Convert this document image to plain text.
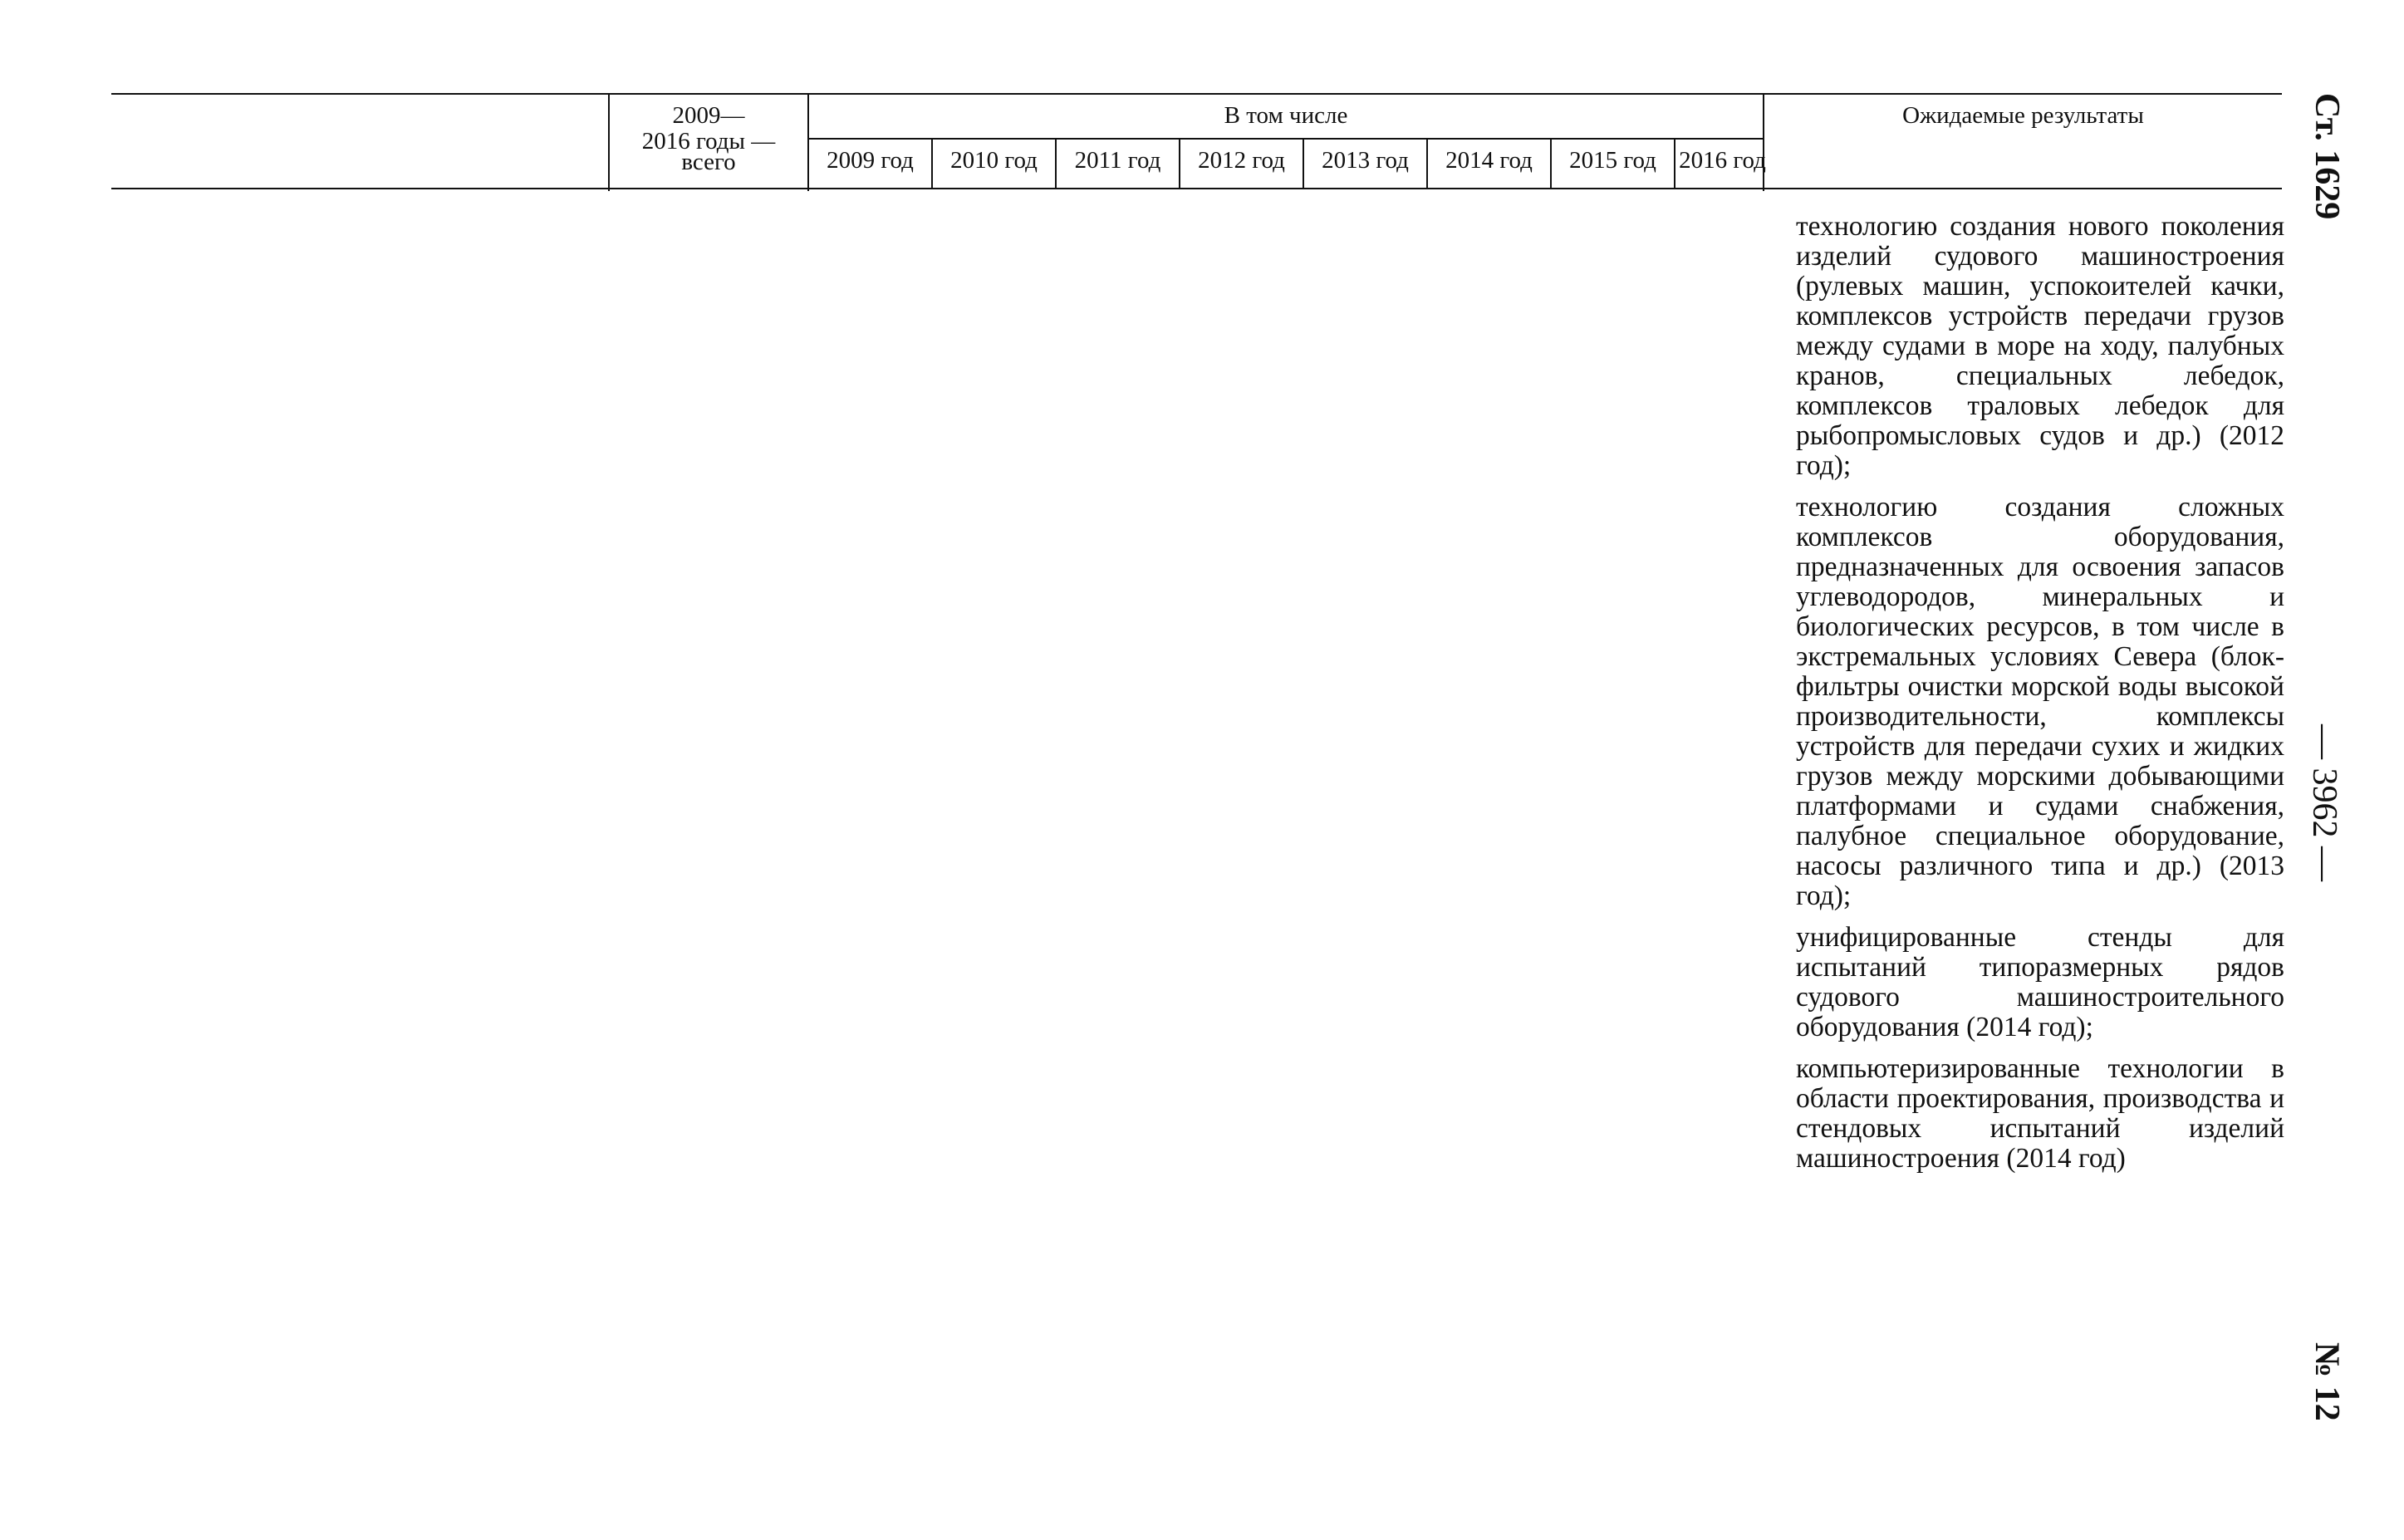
2009—
2016 годы —
всего
В том числе
2009 год	2010 год	2011 год	2012 год	2013 год	2014 год	2015 год 2016 год
Ожидаемые результаты

технологию создания нового поколения изделий судового машиностроения (рулевых машин, успокоителей качки, комплексов устройств передачи грузов между судами в море на ходу, палубных кранов, специальных лебедок, комплексов траловых лебедок для рыбопромысловых судов и др.) (2012 год);

технологию создания сложных комплексов оборудования, предназначенных для освоения запасов углеводородов, минеральных и биологических ресурсов, в том числе в экстремальных условиях Севера (блок-фильтры очистки морской воды высокой производительности, комплексы устройств для передачи сухих и жидких грузов между морскими добывающими платформами и судами снабжения, палубное специальное оборудование, насосы различного типа и др.) (2013 год);

унифицированные стенды для испытаний типоразмерных рядов судового машиностроительного оборудования (2014 год);

компьютеризированные технологии в области проектирования, производства и стендовых испытаний изделий машиностроения (2014 год)

Ст. 1629
— 3962 —
№ 12
